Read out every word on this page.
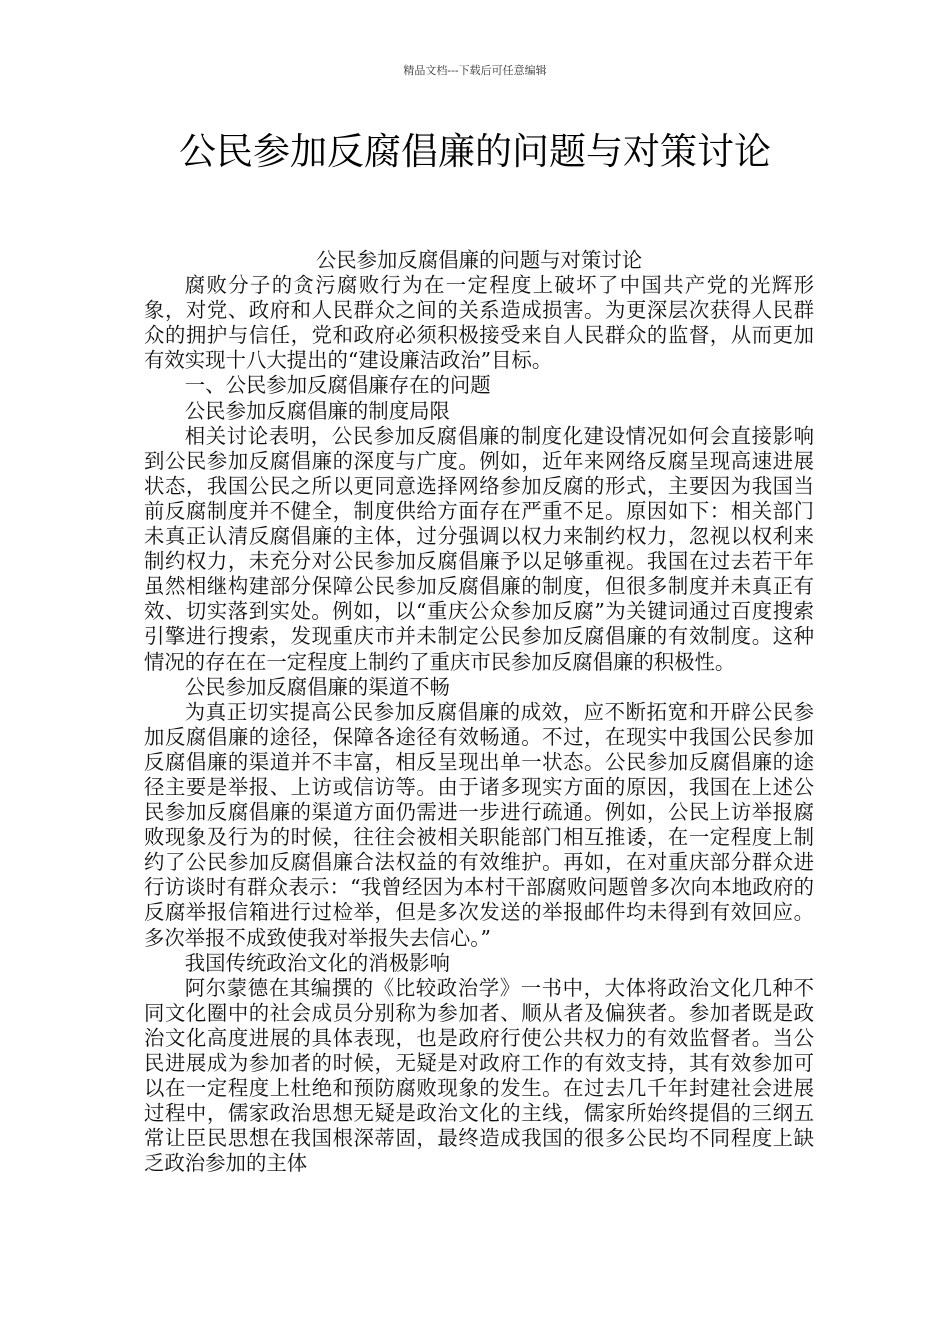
精品文档---下载后可任意编辑
公民参加反腐倡廉的问题与对策讨论

公民参加反腐倡廉的问题与对策讨论

腐败分子的贪污腐败行为在一定程度上破坏了中国共产党的光辉形象，对党、政府和人民群众之间的关系造成损害。为更深层次获得人民群众的拥护与信任，党和政府必须积极接受来自人民群众的监督，从而更加有效实现十八大提出的“建设廉洁政治”目标。

一、公民参加反腐倡廉存在的问题

公民参加反腐倡廉的制度局限

相关讨论表明，公民参加反腐倡廉的制度化建设情况如何会直接影响到公民参加反腐倡廉的深度与广度。例如，近年来网络反腐呈现高速进展状态，我国公民之所以更同意选择网络参加反腐的形式，主要因为我国当前反腐制度并不健全，制度供给方面存在严重不足。原因如下：相关部门未真正认清反腐倡廉的主体，过分强调以权力来制约权力，忽视以权利来制约权力，未充分对公民参加反腐倡廉予以足够重视。我国在过去若干年虽然相继构建部分保障公民参加反腐倡廉的制度，但很多制度并未真正有效、切实落到实处。例如，以“重庆公众参加反腐”为关键词通过百度搜索引擎进行搜索，发现重庆市并未制定公民参加反腐倡廉的有效制度。这种情况的存在在一定程度上制约了重庆市民参加反腐倡廉的积极性。

公民参加反腐倡廉的渠道不畅

为真正切实提高公民参加反腐倡廉的成效，应不断拓宽和开辟公民参加反腐倡廉的途径，保障各途径有效畅通。不过，在现实中我国公民参加反腐倡廉的渠道并不丰富，相反呈现出单一状态。公民参加反腐倡廉的途径主要是举报、上访或信访等。由于诸多现实方面的原因，我国在上述公民参加反腐倡廉的渠道方面仍需进一步进行疏通。例如，公民上访举报腐败现象及行为的时候，往往会被相关职能部门相互推诿，在一定程度上制约了公民参加反腐倡廉合法权益的有效维护。再如，在对重庆部分群众进行访谈时有群众表示：“我曾经因为本村干部腐败问题曾多次向本地政府的反腐举报信箱进行过检举，但是多次发送的举报邮件均未得到有效回应。多次举报不成致使我对举报失去信心。”

我国传统政治文化的消极影响

阿尔蒙德在其编撰的《比较政治学》一书中，大体将政治文化几种不同文化圈中的社会成员分别称为参加者、顺从者及偏狭者。参加者既是政治文化高度进展的具体表现，也是政府行使公共权力的有效监督者。当公民进展成为参加者的时候，无疑是对政府工作的有效支持，其有效参加可以在一定程度上杜绝和预防腐败现象的发生。在过去几千年封建社会进展过程中，儒家政治思想无疑是政治文化的主线，儒家所始终提倡的三纲五常让臣民思想在我国根深蒂固，最终造成我国的很多公民均不同程度上缺乏政治参加的主体
